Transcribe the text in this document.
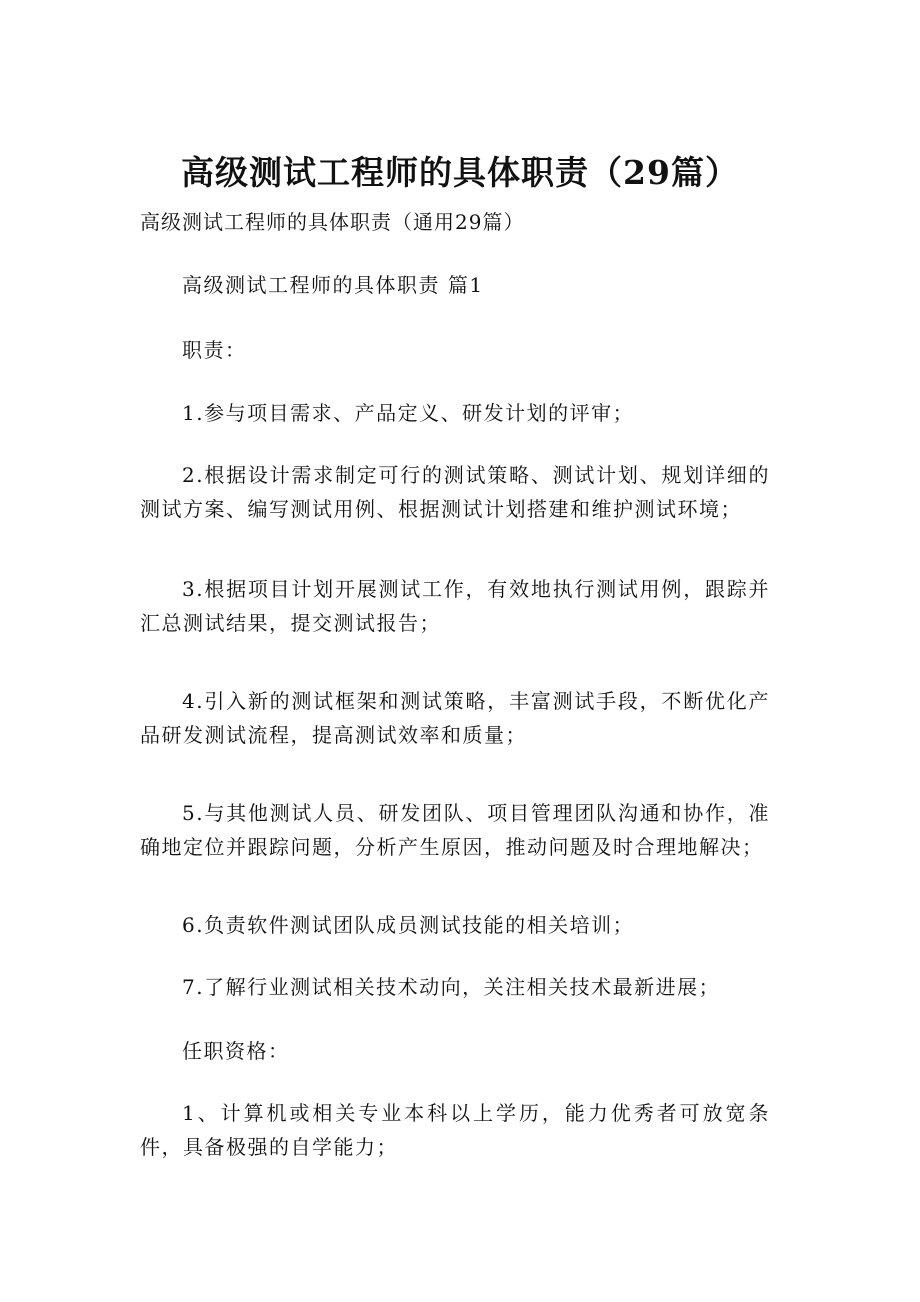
高级测试工程师的具体职责（29篇）
高级测试工程师的具体职责（通用29篇）
高级测试工程师的具体职责 篇1
职责：
1.参与项目需求、产品定义、研发计划的评审；
2.根据设计需求制定可行的测试策略、测试计划、规划详细的测试方案、编写测试用例、根据测试计划搭建和维护测试环境；
3.根据项目计划开展测试工作，有效地执行测试用例，跟踪并汇总测试结果，提交测试报告；
4.引入新的测试框架和测试策略，丰富测试手段，不断优化产品研发测试流程，提高测试效率和质量；
5.与其他测试人员、研发团队、项目管理团队沟通和协作，准确地定位并跟踪问题，分析产生原因，推动问题及时合理地解决；
6.负责软件测试团队成员测试技能的相关培训；
7.了解行业测试相关技术动向，关注相关技术最新进展；
任职资格：
1、计算机或相关专业本科以上学历，能力优秀者可放宽条件，具备极强的自学能力；
